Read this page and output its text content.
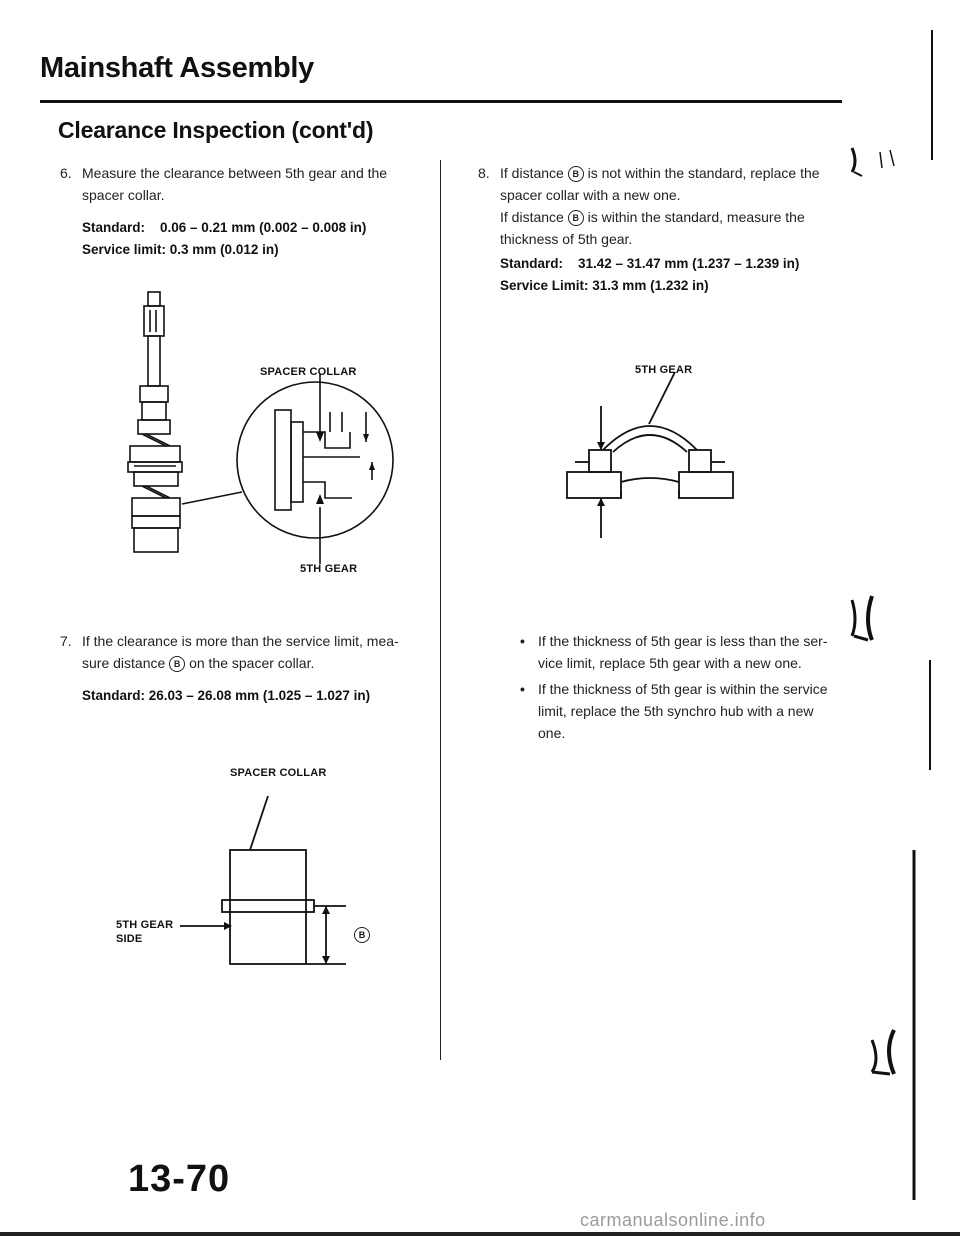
Mainshaft Assembly
Clearance Inspection (cont'd)
6. Measure the clearance between 5th gear and the
spacer collar.
Standard:    0.06 – 0.21 mm (0.002 – 0.008 in)
Service limit: 0.3 mm (0.012 in)
SPACER COLLAR
5TH GEAR
7. If the clearance is more than the service limit, mea-
sure distance B on the spacer collar.
Standard: 26.03 – 26.08 mm (1.025 – 1.027 in)
SPACER COLLAR
5TH GEAR
SIDE	B
8. If distance B is not within the standard, replace the
spacer collar with a new one.
If distance B is within the standard, measure the
thickness of 5th gear.
Standard:    31.42 – 31.47 mm (1.237 – 1.239 in)
Service Limit: 31.3 mm (1.232 in)
5TH GEAR
• If the thickness of 5th gear is less than the ser-
vice limit, replace 5th gear with a new one.
• If the thickness of 5th gear is within the service
limit, replace the 5th synchro hub with a new
one.
13-70
carmanualsonline.info
